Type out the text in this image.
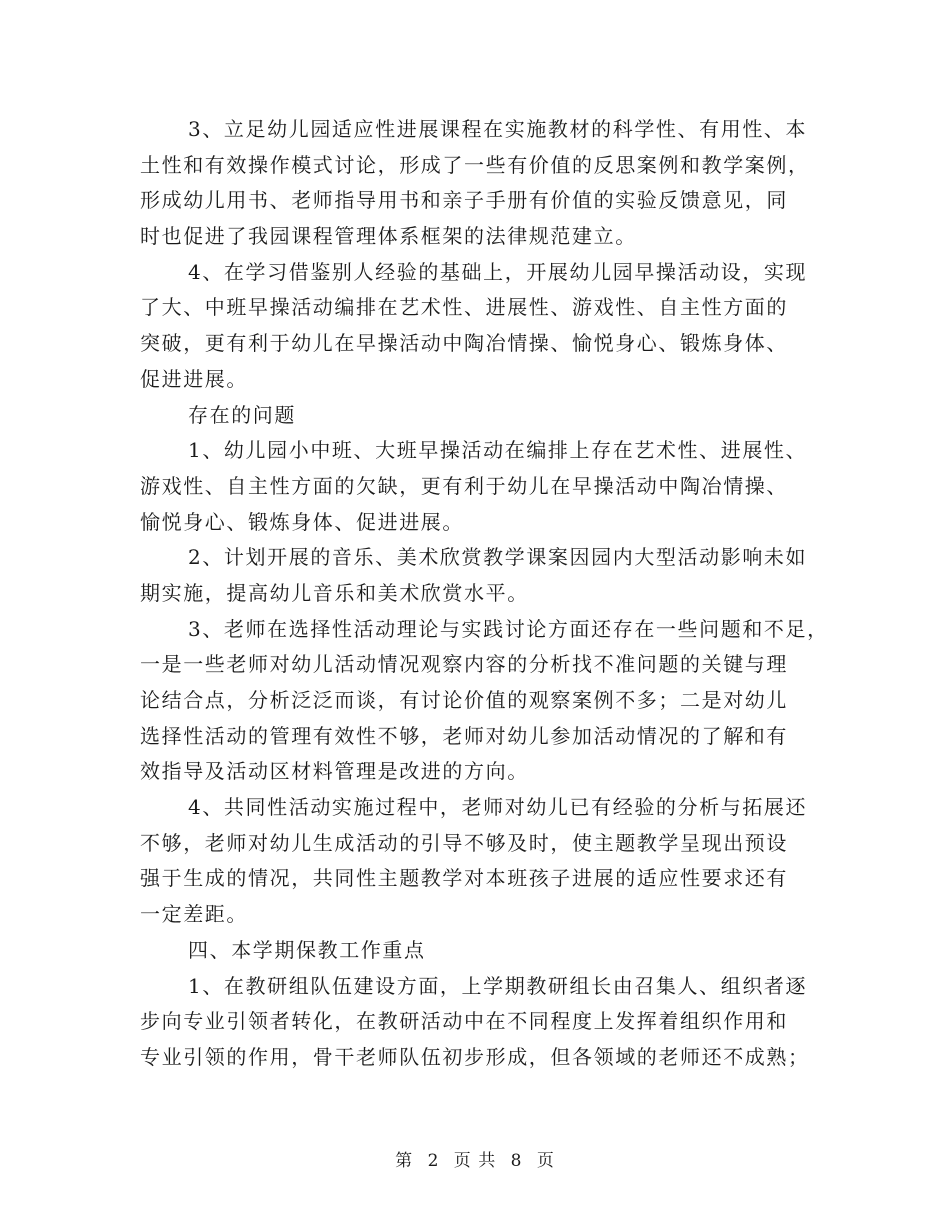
3、立足幼儿园适应性进展课程在实施教材的科学性、有用性、本
土性和有效操作模式讨论，形成了一些有价值的反思案例和教学案例，
形成幼儿用书、老师指导用书和亲子手册有价值的实验反馈意见，同
时也促进了我园课程管理体系框架的法律规范建立。
4、在学习借鉴别人经验的基础上，开展幼儿园早操活动设，实现
了大、中班早操活动编排在艺术性、进展性、游戏性、自主性方面的
突破，更有利于幼儿在早操活动中陶冶情操、愉悦身心、锻炼身体、
促进进展。
存在的问题
1、幼儿园小中班、大班早操活动在编排上存在艺术性、进展性、
游戏性、自主性方面的欠缺，更有利于幼儿在早操活动中陶冶情操、
愉悦身心、锻炼身体、促进进展。
2、计划开展的音乐、美术欣赏教学课案因园内大型活动影响未如
期实施，提高幼儿音乐和美术欣赏水平。
3、老师在选择性活动理论与实践讨论方面还存在一些问题和不足，
一是一些老师对幼儿活动情况观察内容的分析找不准问题的关键与理
论结合点，分析泛泛而谈，有讨论价值的观察案例不多；二是对幼儿
选择性活动的管理有效性不够，老师对幼儿参加活动情况的了解和有
效指导及活动区材料管理是改进的方向。
4、共同性活动实施过程中，老师对幼儿已有经验的分析与拓展还
不够，老师对幼儿生成活动的引导不够及时，使主题教学呈现出预设
强于生成的情况，共同性主题教学对本班孩子进展的适应性要求还有
一定差距。
四、本学期保教工作重点
1、在教研组队伍建设方面，上学期教研组长由召集人、组织者逐
步向专业引领者转化，在教研活动中在不同程度上发挥着组织作用和
专业引领的作用，骨干老师队伍初步形成，但各领域的老师还不成熟；
第 2 页 共 8 页
